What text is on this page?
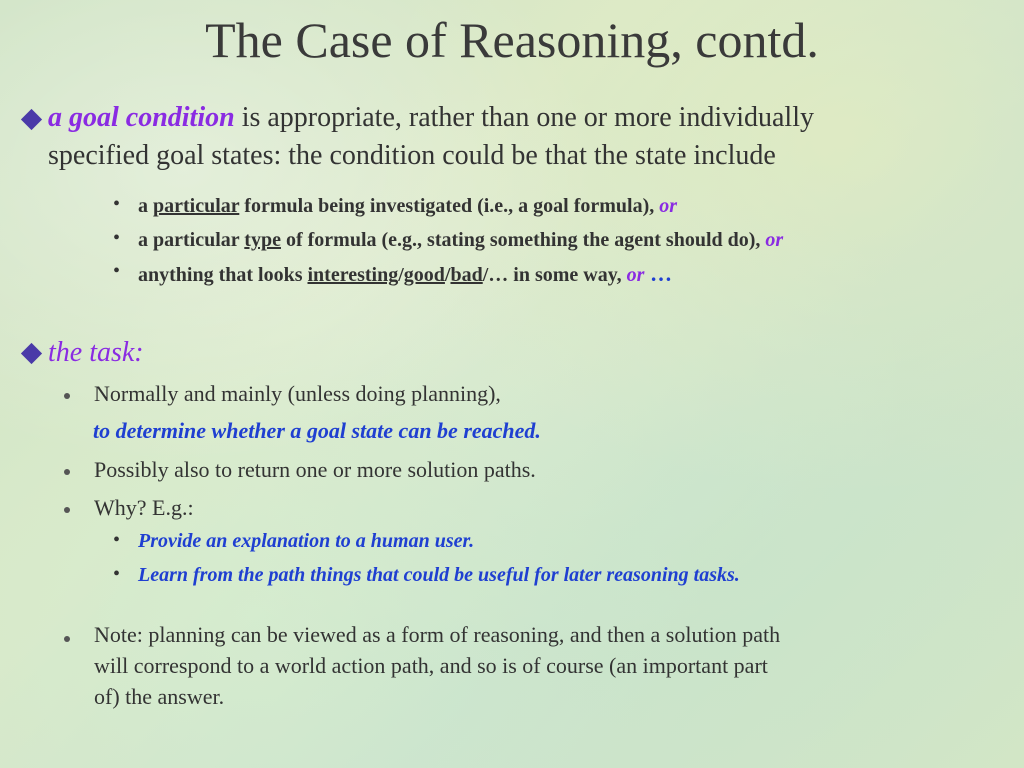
The Case of Reasoning, contd.
a goal condition is appropriate, rather than one or more individually
specified goal states: the condition could be that the state include
• a particular formula being investigated (i.e., a goal formula), or
• a particular type of formula (e.g., stating something the agent should do), or
• anything that looks interesting/good/bad/… in some way, or …
the task:
Normally and mainly (unless doing planning),
to determine whether a goal state can be reached.
Possibly also to return one or more solution paths.
Why? E.g.:
• Provide an explanation to a human user.
• Learn from the path things that could be useful for later reasoning tasks.
Note: planning can be viewed as a form of reasoning, and then a solution path
will correspond to a world action path, and so is of course (an important part
of) the answer.
